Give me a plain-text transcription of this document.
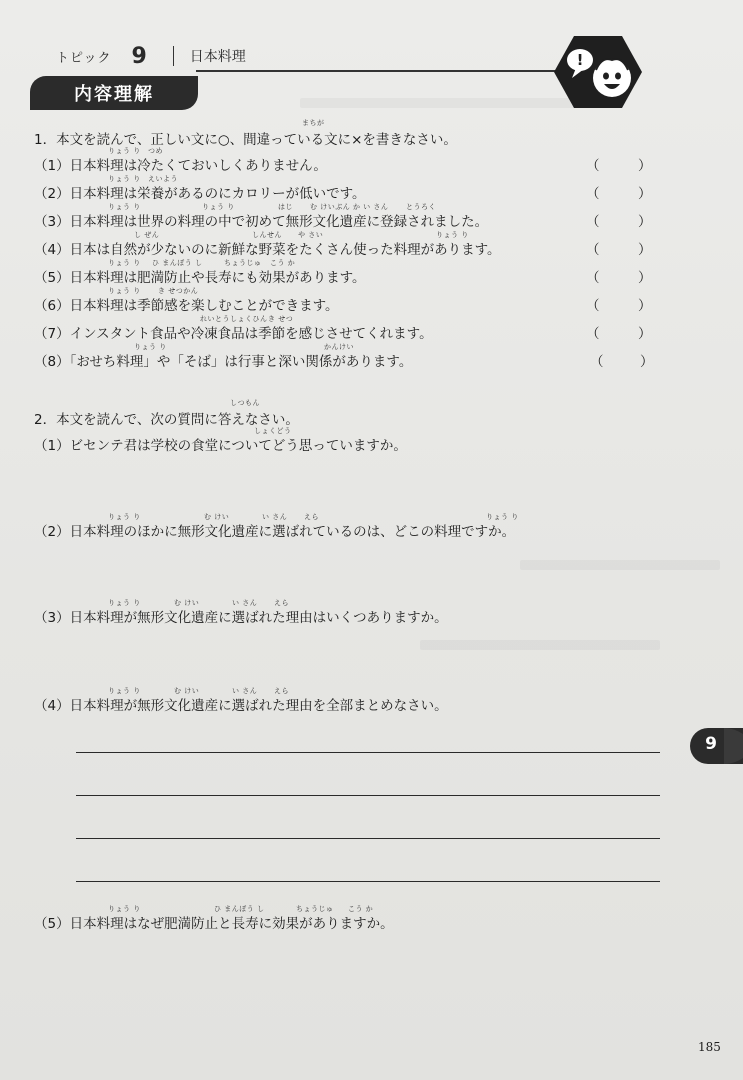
トピック 9	日本料理
内容理解
!
まちが
1．本文を読んで、正しい文に○、間違っている文に×を書きなさい。
りょう り つめ
（1）日本料理は冷たくておいしくありません。	（	）
りょう り えいよう
（2）日本料理は栄養があるのにカロリーが低いです。	（	）
りょう り	りょう り	はじ む けいぶん か い さん	とうろく
（3）日本料理は世界の料理の中で初めて無形文化遺産に登録されました。	（	）
し ぜん	しんせん や さい	りょう り
（4）日本は自然が少ないのに新鮮な野菜をたくさん使った料理があります。	（	）
りょう り ひ まんぼう し	ちょうじゅ こう か
（5）日本料理は肥満防止や長寿にも効果があります。	（	）
りょう り き せつかん
（6）日本料理は季節感を楽しむことができます。	（	）
れいとうしょくひん き せつ
（7）インスタント食品や冷凍食品は季節を感じさせてくれます。	（	）
りょう り	かんけい
（8）「おせち料理」や「そば」は行事と深い関係があります。	（	）
しつもん
2．本文を読んで、次の質問に答えなさい。
しょくどう
（1）ビセンテ君は学校の食堂についてどう思っていますか。
りょう り	む けい	い さん えら	りょう り
（2）日本料理のほかに無形文化遺産に選ばれているのは、どこの料理ですか。
りょう り	む けい	い さん えら
（3）日本料理が無形文化遺産に選ばれた理由はいくつありますか。
りょう り	む けい	い さん えら
（4）日本料理が無形文化遺産に選ばれた理由を全部まとめなさい。
りょう り	ひ まんぼう し	ちょうじゅ こう か
（5）日本料理はなぜ肥満防止と長寿に効果がありますか。
9
185
